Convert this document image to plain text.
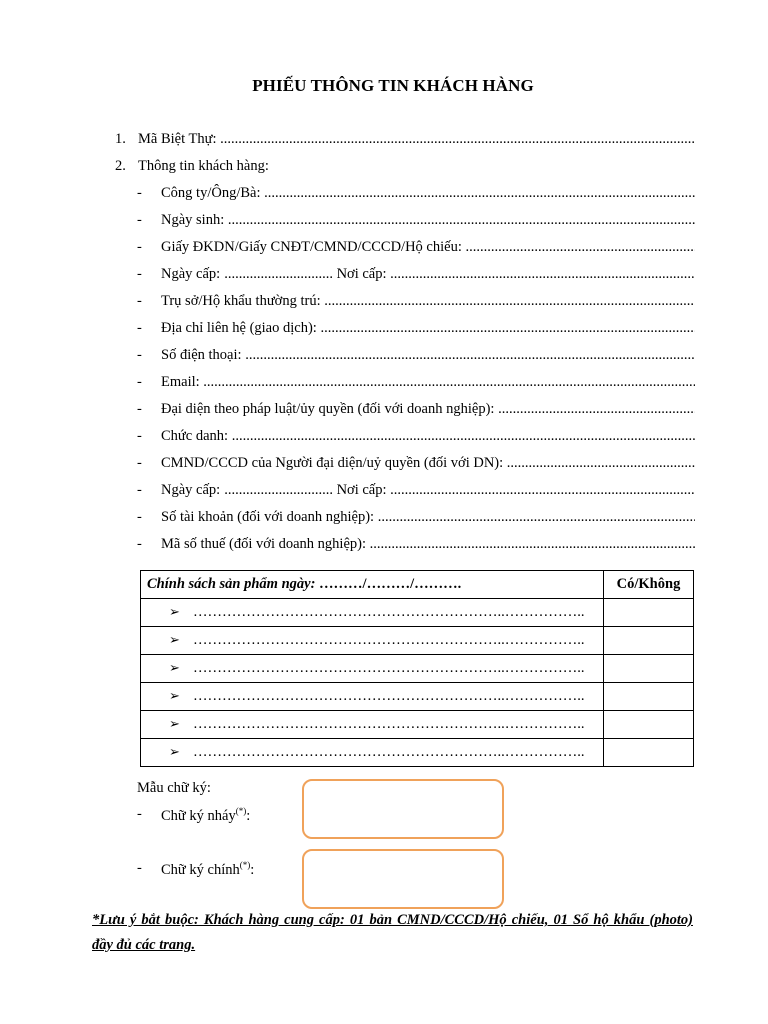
PHIẾU THÔNG TIN KHÁCH HÀNG
1. Mã Biệt Thự: .....
2. Thông tin khách hàng:
- Công ty/Ông/Bà: .....
- Ngày sinh: .....
- Giấy ĐKDN/Giấy CNĐT/CMND/CCCD/Hộ chiếu: .....
- Ngày cấp: .............................. Nơi cấp: .....
- Trụ sở/Hộ khẩu thường trú: .....
- Địa chỉ liên hệ (giao dịch): .....
- Số điện thoại: .....
- Email: .....
- Đại diện theo pháp luật/ủy quyền (đối với doanh nghiệp): .....
- Chức danh: .....
- CMND/CCCD của Người đại diện/uỷ quyền (đối với DN): .....
- Ngày cấp: .............................. Nơi cấp: .....
- Số tài khoản (đối với doanh nghiệp): .....
- Mã số thuế (đối với doanh nghiệp): .....
Chính sách sản phẩm ngày: ………/………/……….	Có/Không
➢ ………………………………………………………..……………..	
➢ ………………………………………………………..……………..	
➢ ………………………………………………………..……………..	
➢ ………………………………………………………..……………..	
➢ ………………………………………………………..……………..	
➢ ………………………………………………………..……………..	
Mẫu chữ ký:
- Chữ ký nháy(*):
- Chữ ký chính(*):
*Lưu ý bắt buộc: Khách hàng cung cấp: 01 bản CMND/CCCD/Hộ chiếu, 01 Sổ hộ khẩu (photo) đầy đủ các trang.
